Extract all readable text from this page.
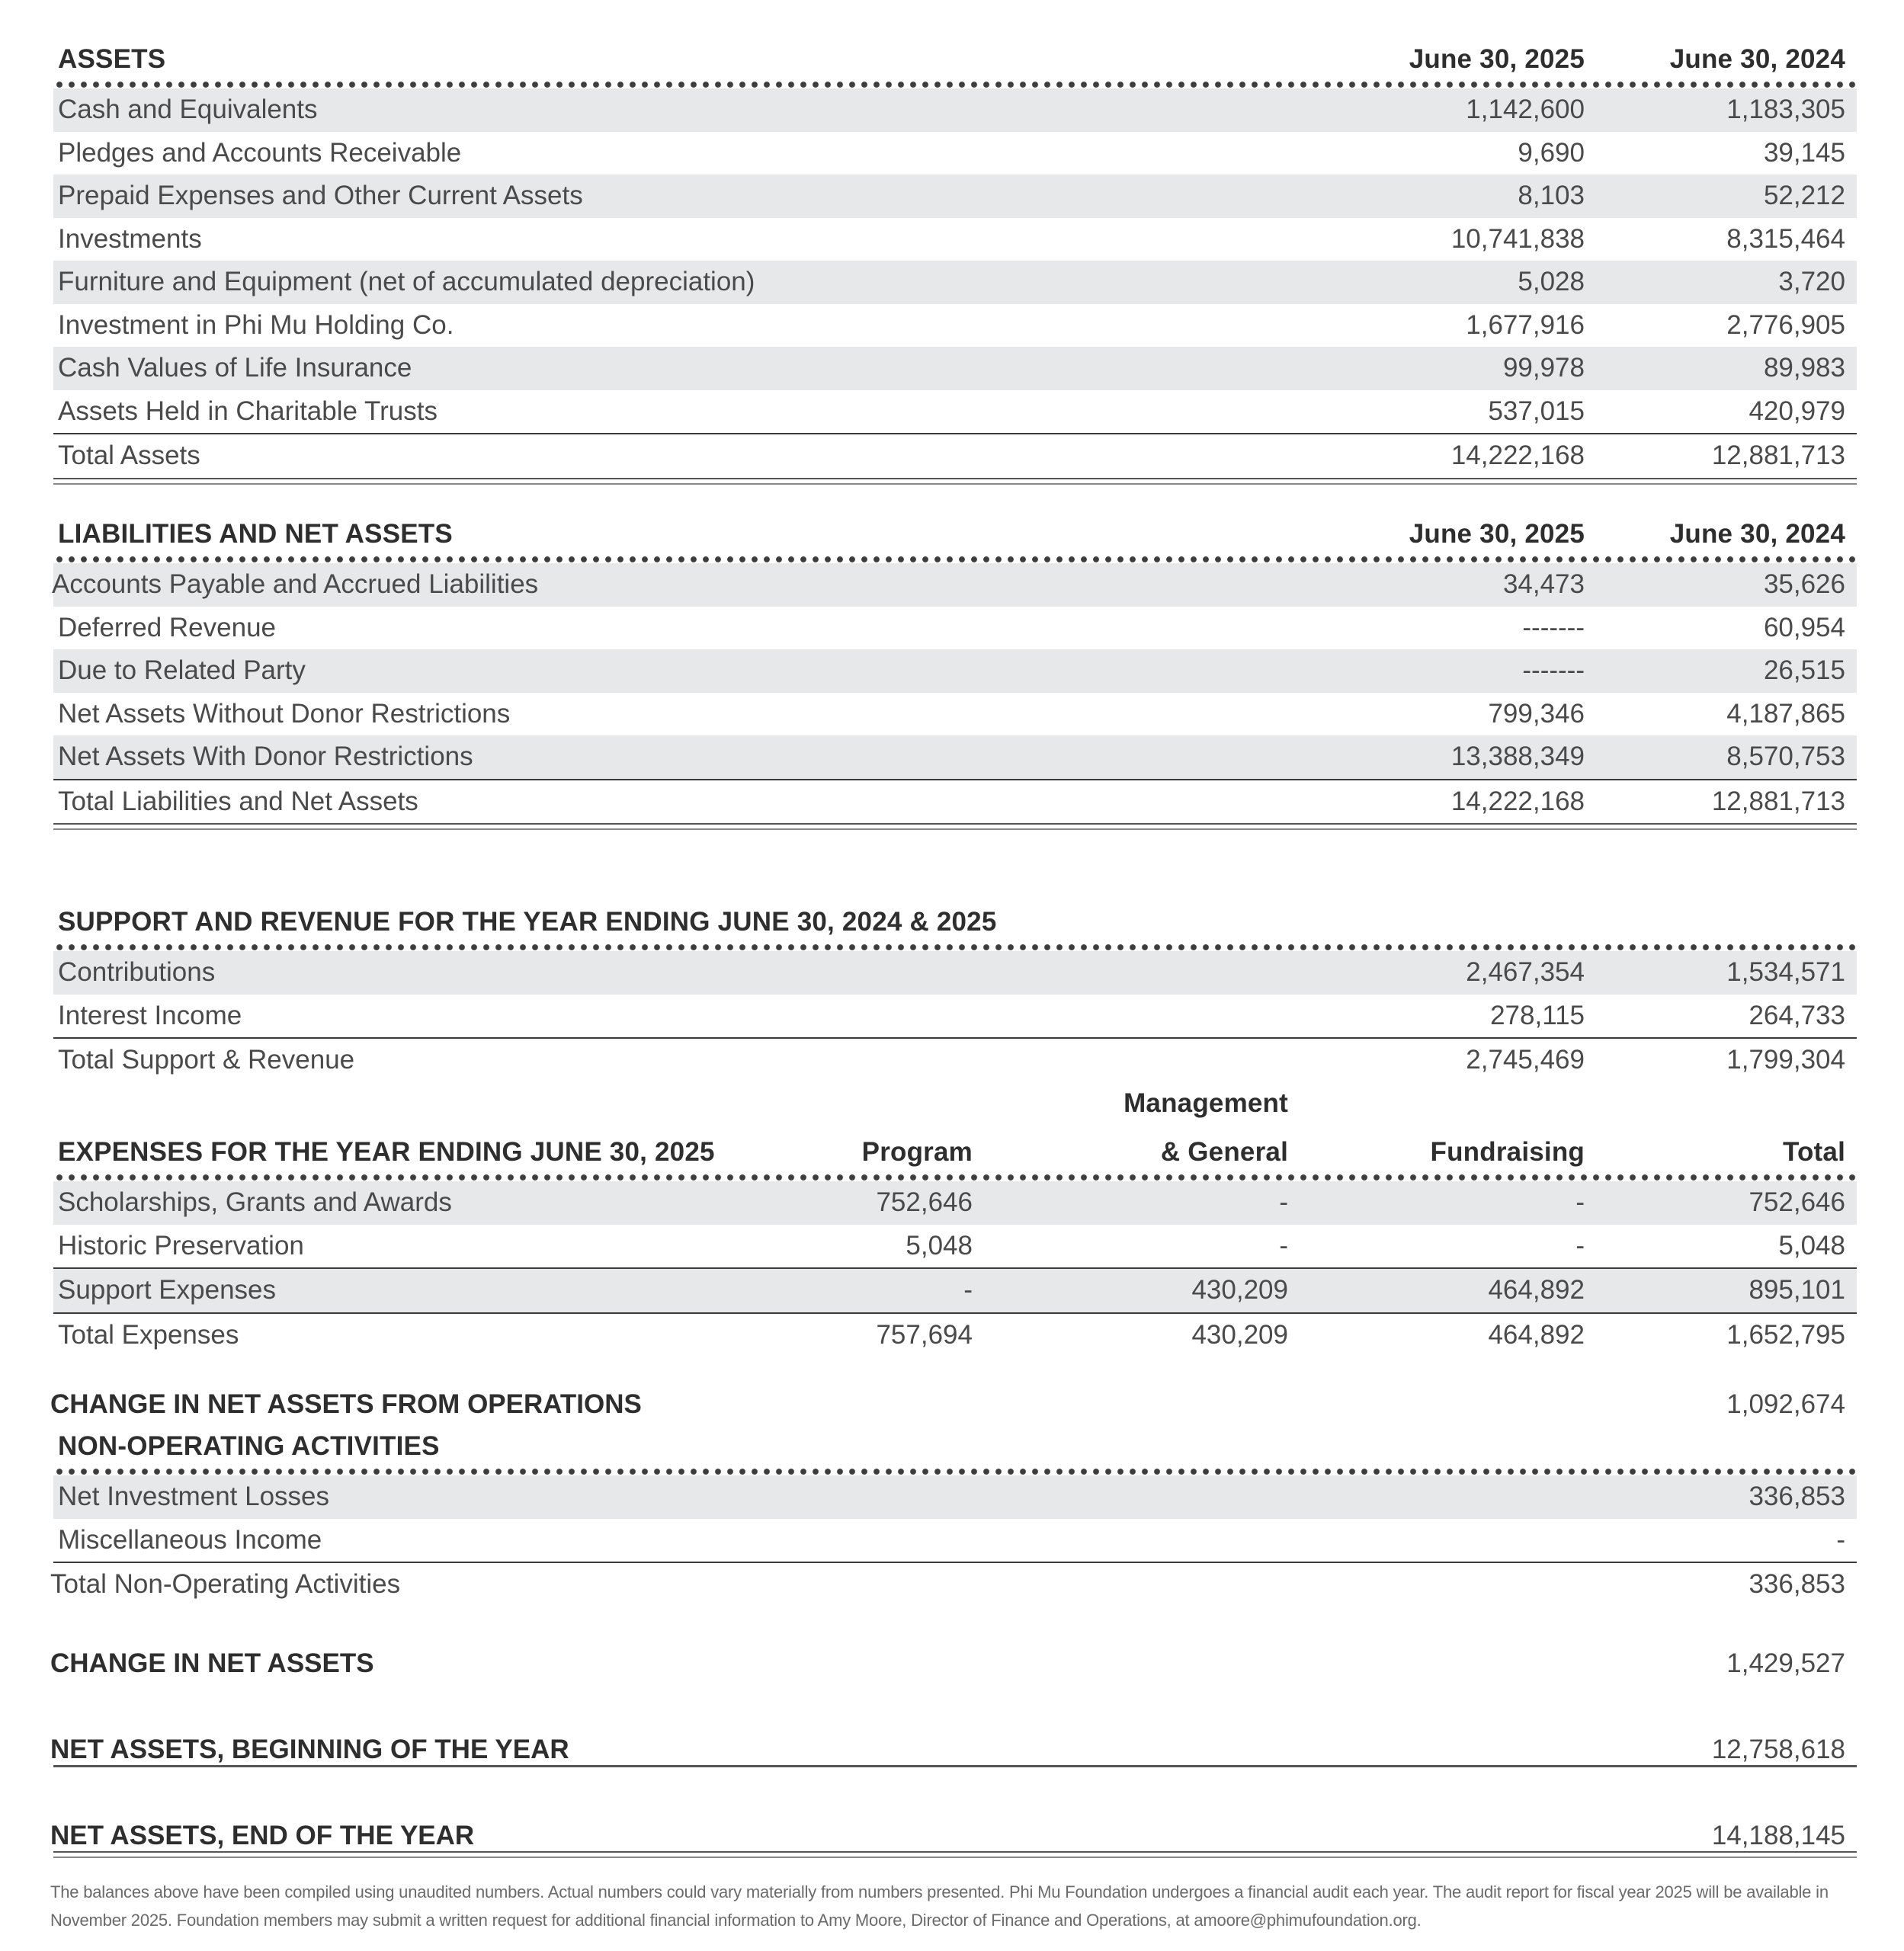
ASSETS	June 30, 2025	June 30, 2024
Cash and Equivalents	1,142,600	1,183,305
Pledges and Accounts Receivable	9,690	39,145
Prepaid Expenses and Other Current Assets	8,103	52,212
Investments	10,741,838	8,315,464
Furniture and Equipment (net of accumulated depreciation)	5,028	3,720
Investment in Phi Mu Holding Co.	1,677,916	2,776,905
Cash Values of Life Insurance	99,978	89,983
Assets Held in Charitable Trusts	537,015	420,979
Total Assets	14,222,168	12,881,713
LIABILITIES AND NET ASSETS	June 30, 2025	June 30, 2024
Accounts Payable and Accrued Liabilities	34,473	35,626
Deferred Revenue	-------	60,954
Due to Related Party	-------	26,515
Net Assets Without Donor Restrictions	799,346	4,187,865
Net Assets With Donor Restrictions	13,388,349	8,570,753
Total Liabilities and Net Assets	14,222,168	12,881,713
SUPPORT AND REVENUE FOR THE YEAR ENDING JUNE 30, 2024 & 2025
Contributions	2,467,354	1,534,571
Interest Income	278,115	264,733
Total Support & Revenue	2,745,469	1,799,304
Management
EXPENSES FOR THE YEAR ENDING JUNE 30, 2025	Program	& General	Fundraising	Total
Scholarships, Grants and Awards	752,646	-	-	752,646
Historic Preservation	5,048	-	-	5,048
Support Expenses	-	430,209	464,892	895,101
Total Expenses	757,694	430,209	464,892	1,652,795
CHANGE IN NET ASSETS FROM OPERATIONS	1,092,674
NON-OPERATING ACTIVITIES
Net Investment Losses	336,853
Miscellaneous Income	-
Total Non-Operating Activities	336,853
CHANGE IN NET ASSETS	1,429,527
NET ASSETS, BEGINNING OF THE YEAR	12,758,618
NET ASSETS, END OF THE YEAR	14,188,145
The balances above have been compiled using unaudited numbers. Actual numbers could vary materially from numbers presented. Phi Mu Foundation undergoes a financial audit each year. The audit report for fiscal year 2025 will be available in
November 2025. Foundation members may submit a written request for additional financial information to Amy Moore, Director of Finance and Operations, at amoore@phimufoundation.org.
